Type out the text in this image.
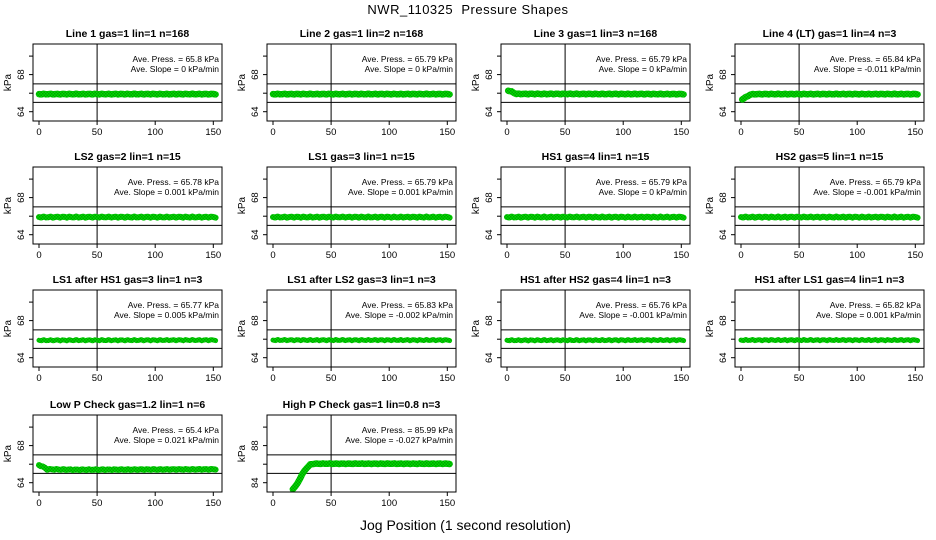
NWR_110325  Pressure Shapes
Line 1 gas=1 lin=1 n=168
0	50	100	150
64
68
kPa
Ave. Press. = 65.8 kPa
Ave. Slope = 0 kPa/min
Line 2 gas=1 lin=2 n=168
0	50	100	150
64
68
kPa
Ave. Press. = 65.79 kPa
Ave. Slope = 0 kPa/min
Line 3 gas=1 lin=3 n=168
0	50	100	150
64
68
kPa
Ave. Press. = 65.79 kPa
Ave. Slope = 0 kPa/min
Line 4 (LT) gas=1 lin=4 n=3
0	50	100	150
64
68
kPa
Ave. Press. = 65.84 kPa
Ave. Slope = -0.011 kPa/min
LS2 gas=2 lin=1 n=15
0	50	100	150
64
68
kPa
Ave. Press. = 65.78 kPa
Ave. Slope = 0.001 kPa/min
LS1 gas=3 lin=1 n=15
0	50	100	150
64
68
kPa
Ave. Press. = 65.79 kPa
Ave. Slope = 0.001 kPa/min
HS1 gas=4 lin=1 n=15
0	50	100	150
64
68
kPa
Ave. Press. = 65.79 kPa
Ave. Slope = 0 kPa/min
HS2 gas=5 lin=1 n=15
0	50	100	150
64
68
kPa
Ave. Press. = 65.79 kPa
Ave. Slope = -0.001 kPa/min
LS1 after HS1 gas=3 lin=1 n=3
0	50	100	150
64
68
kPa
Ave. Press. = 65.77 kPa
Ave. Slope = 0.005 kPa/min
LS1 after LS2 gas=3 lin=1 n=3
0	50	100	150
64
68
kPa
Ave. Press. = 65.83 kPa
Ave. Slope = -0.002 kPa/min
HS1 after HS2 gas=4 lin=1 n=3
0	50	100	150
64
68
kPa
Ave. Press. = 65.76 kPa
Ave. Slope = -0.001 kPa/min
HS1 after LS1 gas=4 lin=1 n=3
0	50	100	150
64
68
kPa
Ave. Press. = 65.82 kPa
Ave. Slope = 0.001 kPa/min
Low P Check gas=1.2 lin=1 n=6
0	50	100	150
64
68
kPa
Ave. Press. = 65.4 kPa
Ave. Slope = 0.021 kPa/min
High P Check gas=1 lin=0.8 n=3
0	50	100	150
84
88
kPa
Ave. Press. = 85.99 kPa
Ave. Slope = -0.027 kPa/min
Jog Position (1 second resolution)
